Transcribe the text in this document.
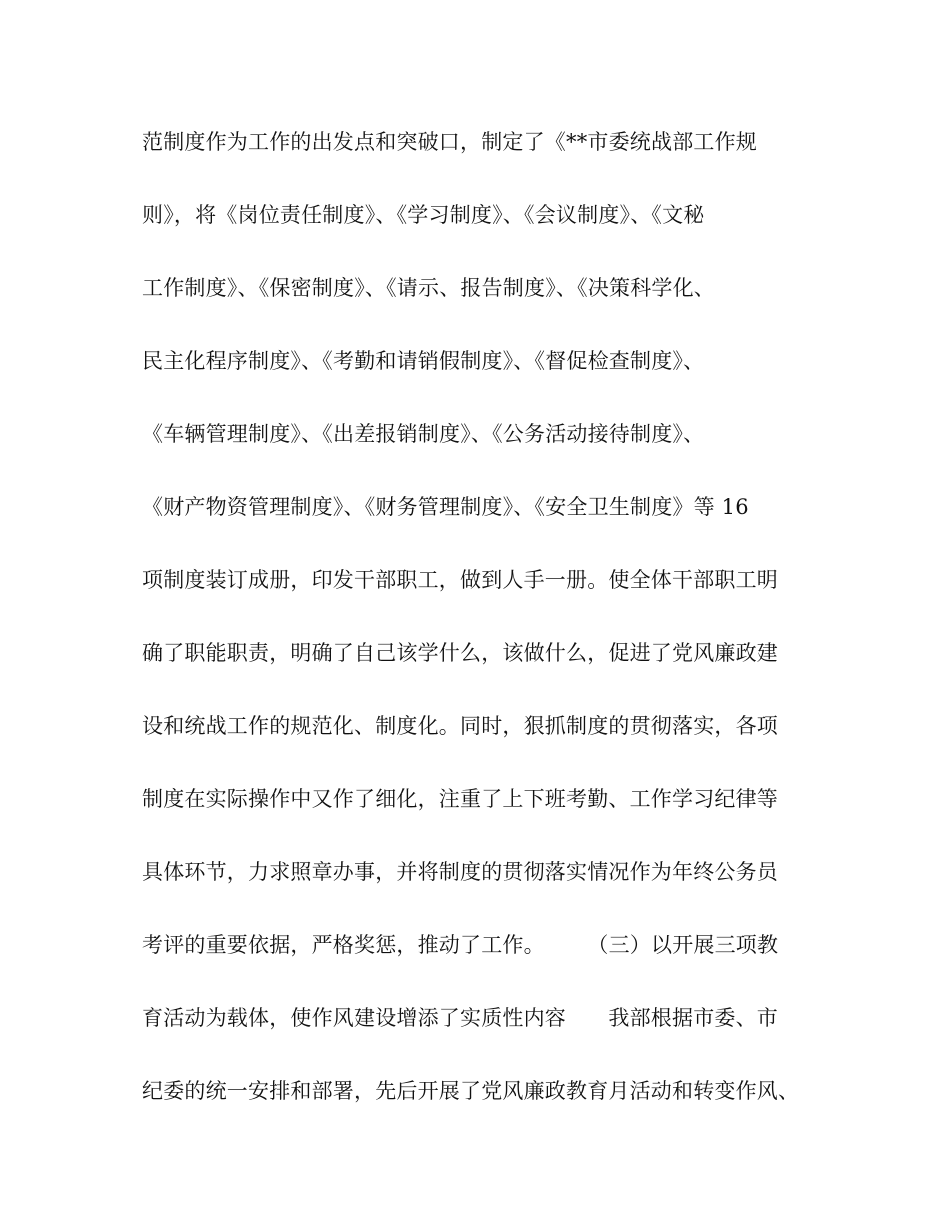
范制度作为工作的出发点和突破口，制定了《**市委统战部工作规
则》，将《岗位责任制度》、《学习制度》、《会议制度》、《文秘
工作制度》、《保密制度》、《请示、报告制度》、《决策科学化、
民主化程序制度》、《考勤和请销假制度》、《督促检查制度》、
《车辆管理制度》、《出差报销制度》、《公务活动接待制度》、
《财产物资管理制度》、《财务管理制度》、《安全卫生制度》等 16
项制度装订成册，印发干部职工，做到人手一册。使全体干部职工明
确了职能职责，明确了自己该学什么，该做什么，促进了党风廉政建
设和统战工作的规范化、制度化。同时，狠抓制度的贯彻落实，各项
制度在实际操作中又作了细化，注重了上下班考勤、工作学习纪律等
具体环节，力求照章办事，并将制度的贯彻落实情况作为年终公务员
考评的重要依据，严格奖惩，推动了工作。　　　（三）以开展三项教
育活动为载体，使作风建设增添了实质性内容　　我部根据市委、市
纪委的统一安排和部署，先后开展了党风廉政教育月活动和转变作风、
